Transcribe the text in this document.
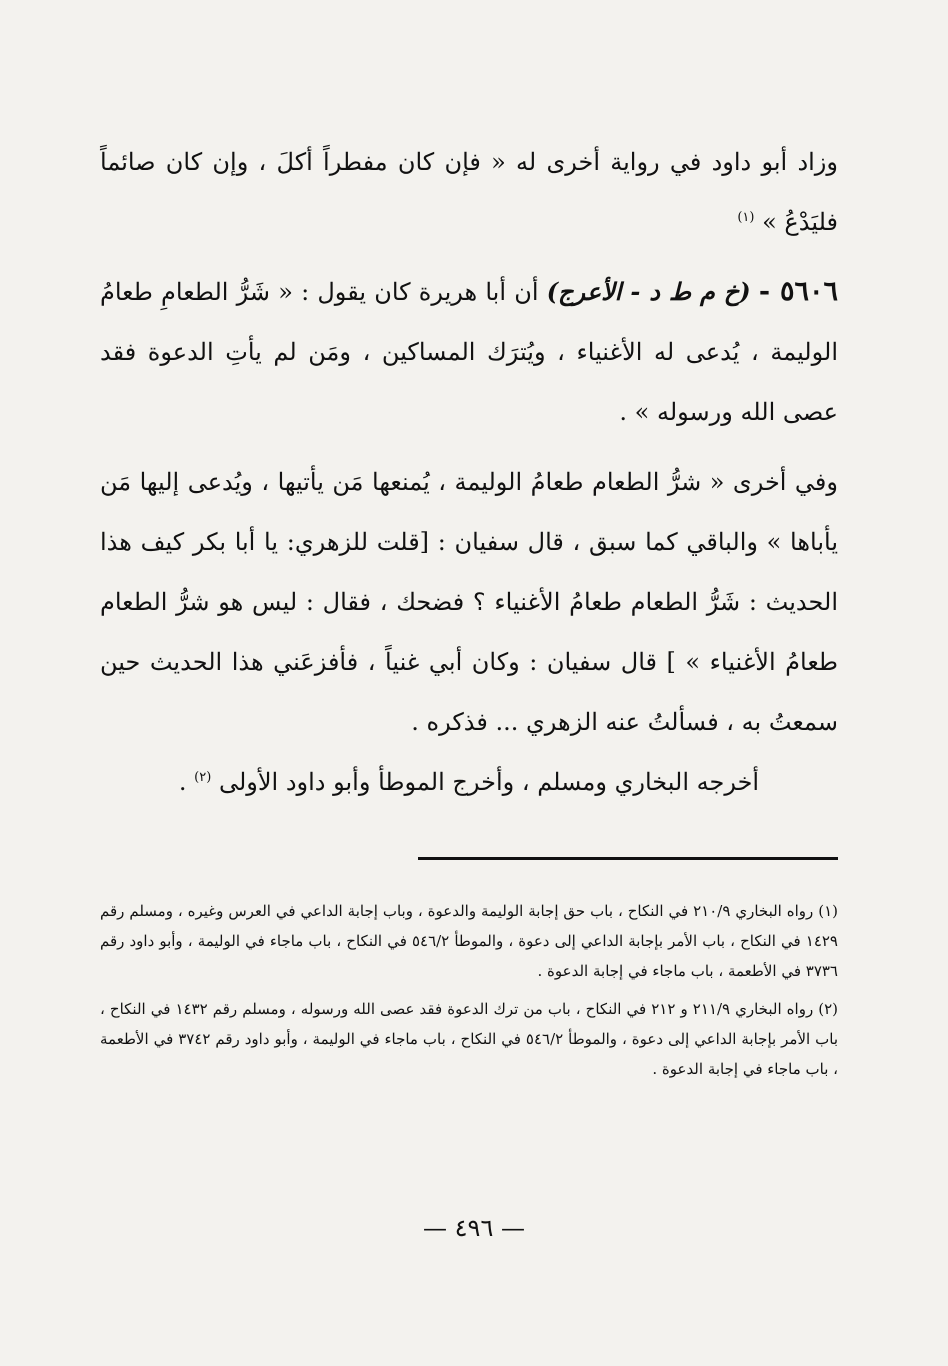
وزاد أبو داود في رواية أخرى له « فإن كان مفطراً أكلَ ، وإن كان صائماً فليَدْعُ » $^{(١)}$

٥٦٠٦ - (خ م ط د - الأعرج) أن أبا هريرة كان يقول : « شَرُّ الطعامِ طعامُ الوليمة ، يُدعى له الأغنياء ، ويُترَك المساكين ، ومَن لم يأتِ الدعوة فقد عصى الله ورسوله » .

وفي أخرى « شرُّ الطعام طعامُ الوليمة ، يُمنعها مَن يأتيها ، ويُدعى إليها مَن يأباها » والباقي كما سبق ، قال سفيان : [قلت للزهري: يا أبا بكر كيف هذا الحديث : شَرُّ الطعام طعامُ الأغنياء ؟ فضحك ، فقال : ليس هو شرُّ الطعام طعامُ الأغنياء » ] قال سفيان : وكان أبي غنياً ، فأفزعَني هذا الحديث حين سمعتُ به ، فسألتُ عنه الزهري ... فذكره .

أخرجه البخاري ومسلم ، وأخرج الموطأ وأبو داود الأولى $^{(٢)}$ .

(١) رواه البخاري ٢١٠/٩ في النكاح ، باب حق إجابة الوليمة والدعوة ، وباب إجابة الداعي في العرس وغيره ، ومسلم رقم ١٤٢٩ في النكاح ، باب الأمر بإجابة الداعي إلى دعوة ، والموطأ ٥٤٦/٢ في النكاح ، باب ماجاء في الوليمة ، وأبو داود رقم ٣٧٣٦ في الأطعمة ، باب ماجاء في إجابة الدعوة .

(٢) رواه البخاري ٢١١/٩ و ٢١٢ في النكاح ، باب من ترك الدعوة فقد عصى الله ورسوله ، ومسلم رقم ١٤٣٢ في النكاح ، باب الأمر بإجابة الداعي إلى دعوة ، والموطأ ٥٤٦/٢ في النكاح ، باب ماجاء في الوليمة ، وأبو داود رقم ٣٧٤٢ في الأطعمة ، باب ماجاء في إجابة الدعوة .

— ٤٩٦ —
